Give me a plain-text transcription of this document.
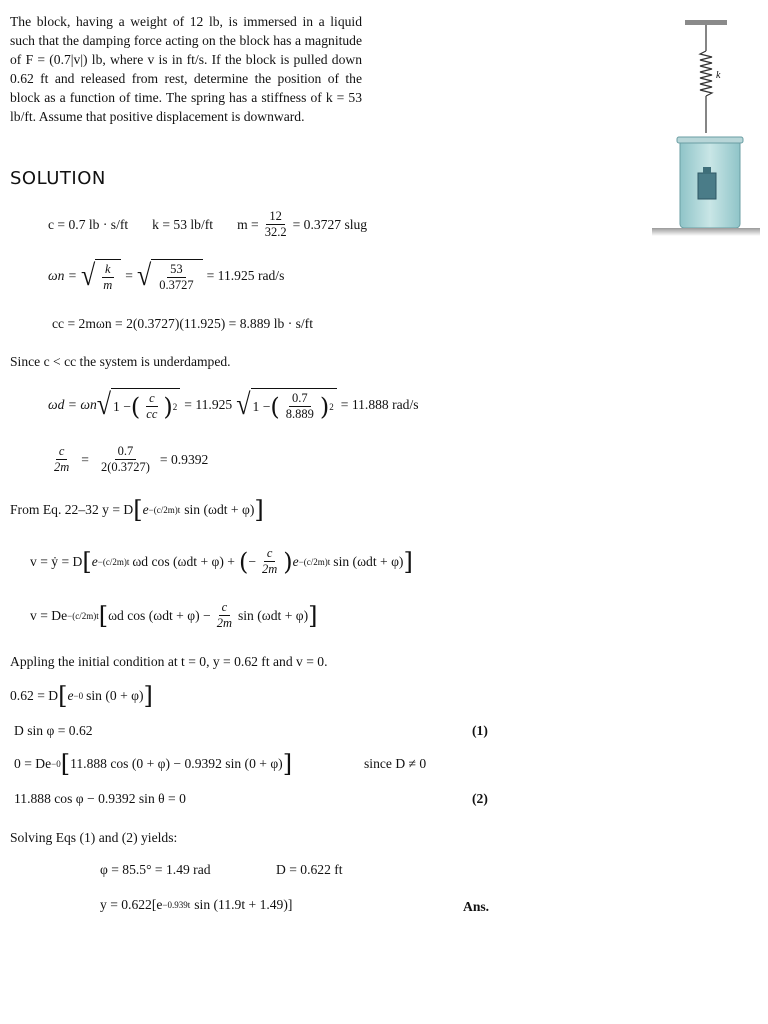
The block, having a weight of 12 lb, is immersed in a liquid such that the damping force acting on the block has a magnitude of F = (0.7|v|) lb, where v is in ft/s. If the block is pulled down 0.62 ft and released from rest, determine the position of the block as a function of time. The spring has a stiffness of k = 53 lb/ft. Assume that positive displacement is downward.
k
SOLUTION
c = 0.7 lb · s/ft k = 53 lb/ft $m = \frac{12}{32.2} = 0.3727$ slug
ωn = √ $\frac{k}{m}$ = √ $\frac{53}{0.3727} = 11.925$ rad/s
cc = 2mωn = 2(0.3727)(11.925) = 8.889 lb · s/ft
Since c < cc the system is underdamped.
ωd = ωn √ 1 − ( $\frac{c}{cc}$ ) 2 = 11.925 √ 1 − ( $\frac{0.7}{8.889}$ ) 2 = 11.888 rad/s
$\frac{c}{2m} = \frac{0.7}{2(0.3727)} = 0.9392$
From Eq. 22–32 y = D [ e −(c/2m)t sin (ωdt + φ) ]
v = ẏ = D [ e −(c/2m)t ωd cos (ωdt + φ) + ( − $\frac{c}{2m}$ ) e −(c/2m)t sin (ωdt + φ) ]
v = De −(c/2m)t [ ωd $\cos (\omega dt + \varphi) - \frac{c}{2m}$ sin (ωdt + φ) ]
Appling the initial condition at t = 0, y = 0.62 ft and v = 0.
0.62 = D [ e −0 sin (0 + φ) ]
D sin φ = 0.62	(1)
0 = De −0 [ 11.888 cos (0 + φ) − 0.9392 sin (0 + φ) ]	since D ≠ 0
11.888 cos φ − 0.9392 sin θ = 0	(2)
Solving Eqs (1) and (2) yields:
φ = 85.5° = 1.49 rad	D = 0.622 ft
y = 0.622[e −0.939t sin (11.9t + 1.49)]	Ans.
